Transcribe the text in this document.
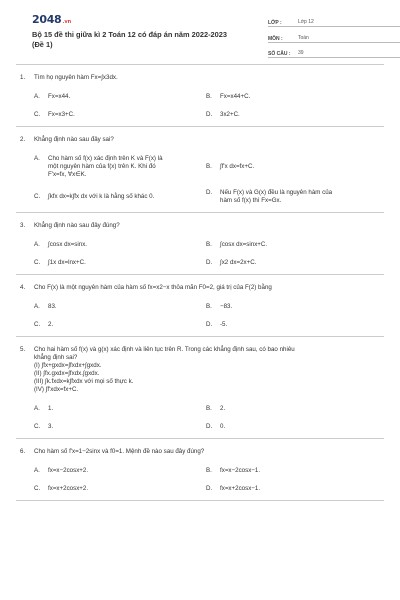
2048 .vn
Bộ 15 đề thi giữa kì 2 Toán 12 có đáp án năm 2022-2023
(Đề 1)
LỚP :	Lớp 12
MÔN :	Toán
SỐ CÂU :	39
1.	Tìm họ nguyên hàm Fx=∫x3dx.
A.	Fx=x44.	B.	Fx=x44+C.
C.	Fx=x3+C.	D.	3x2+C.
2.	Khẳng định nào sau đây sai?
A.	Cho hàm số f(x) xác định trên K và F(x) là
một nguyên hàm của f(x) trên K. Khi đó
F'x=fx, ∀x∈K.
B.	∫f'x dx=fx+C.
C.	∫kfx dx=k∫fx dx với k là hằng số khác 0.
D.	Nếu F(x) và G(x) đều là nguyên hàm của
hàm số f(x) thì Fx=Gx.
3.	Khẳng định nào sau đây đúng?
A.	∫cosx dx=sinx.	B.	∫cosx dx=sinx+C.
C.	∫1x dx=lnx+C.	D.	∫x2 dx=2x+C.
4.	Cho F(x) là một nguyên hàm của hàm số fx=x2−x thỏa mãn F0=2, giá trị của F(2) bằng
A.	83.	B.	−83.
C.	2.	D.	-5.
5.	Cho hai hàm số f(x) và g(x) xác định và liên tục trên R. Trong các khẳng định sau, có bao nhiêu
khẳng định sai?
(I) ∫fx+gxdx=∫fxdx+∫gxdx.
(II) ∫fx.gxdx=∫fxdx.∫gxdx.
(III) ∫k.fxdx=k∫fxdx với mọi số thực k.
(IV) ∫f'xdx=fx+C.
A.	1.	B.	2.
C.	3.	D.	0.
6.	Cho hàm số f'x=1−2sinx và f0=1. Mệnh đề nào sau đây đúng?
A.	fx=x−2cosx+2.	B.	fx=x−2cosx−1.
C.	fx=x+2cosx+2.	D.	fx=x+2cosx−1.
